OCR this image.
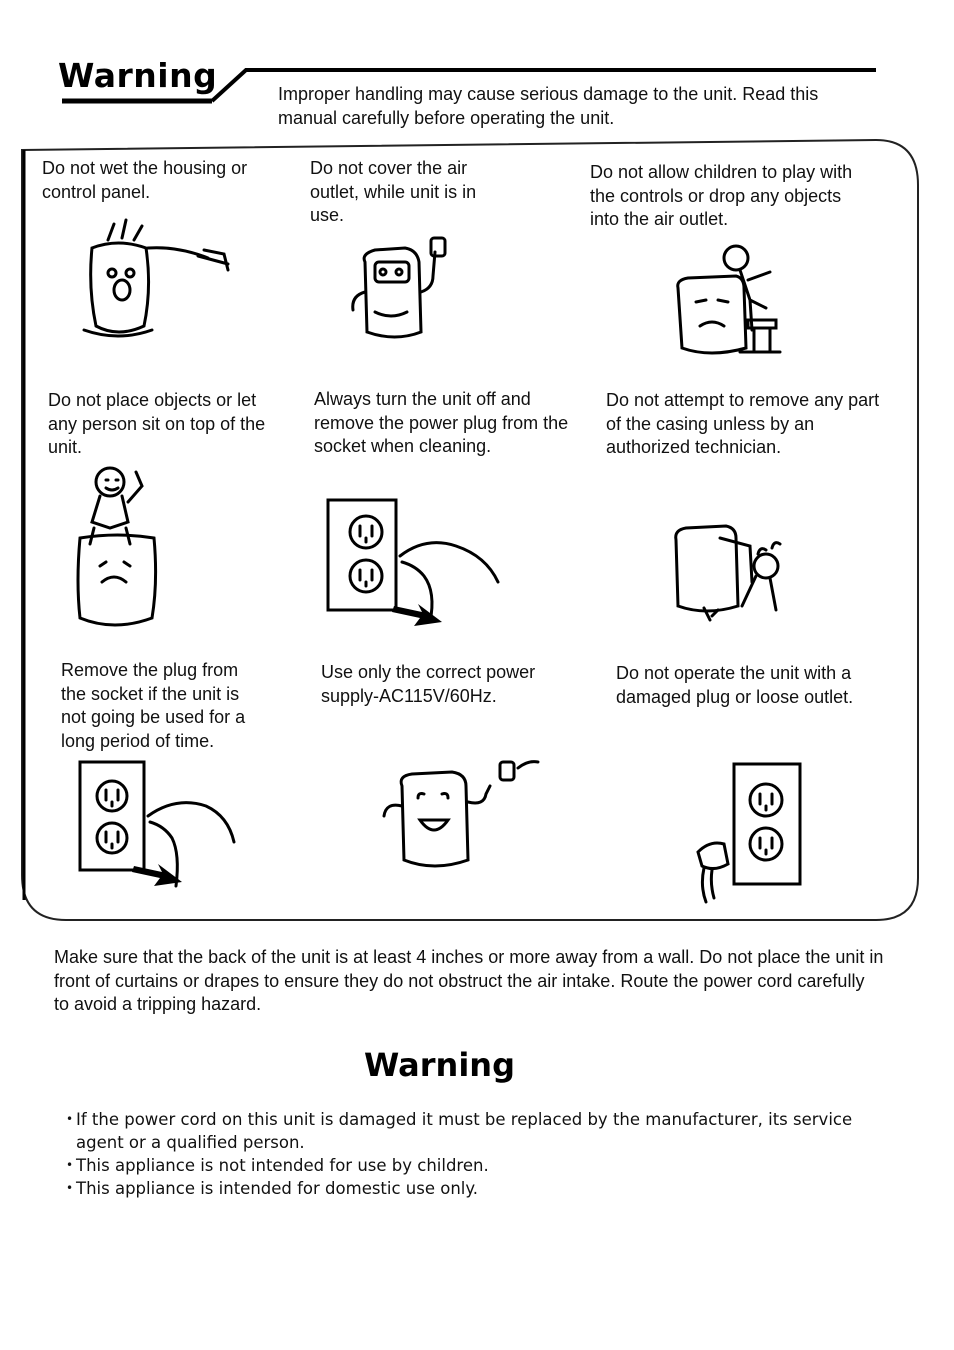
Warning	Improper handling may cause serious damage to the unit. Read this manual carefully before operating the unit.
Do not wet the housing or control panel.
Do not cover the air outlet, while unit is in use.
Do not allow children to play with the controls or drop any objects into the air outlet.
Do not place objects or let any person sit on top of the unit.
Always turn the unit off and remove the power plug from the socket when cleaning.
Do not attempt to remove any part of the casing unless by an authorized technician.
Remove the plug from the socket if the unit is not going be used for a long period of time.
Use only the correct power supply-AC115V/60Hz.
Do not operate the unit with a damaged plug or loose outlet.
Make sure that the back of the unit is at least 4 inches or more away from a wall. Do not place the unit in front of curtains or drapes to ensure they do not obstruct the air intake. Route the power cord carefully to avoid a tripping hazard.
Warning
• If the power cord on this unit is damaged it must be replaced by the manufacturer, its service agent or a qualified person.
• This appliance is not intended for use by children.
• This appliance is intended for domestic use only.
